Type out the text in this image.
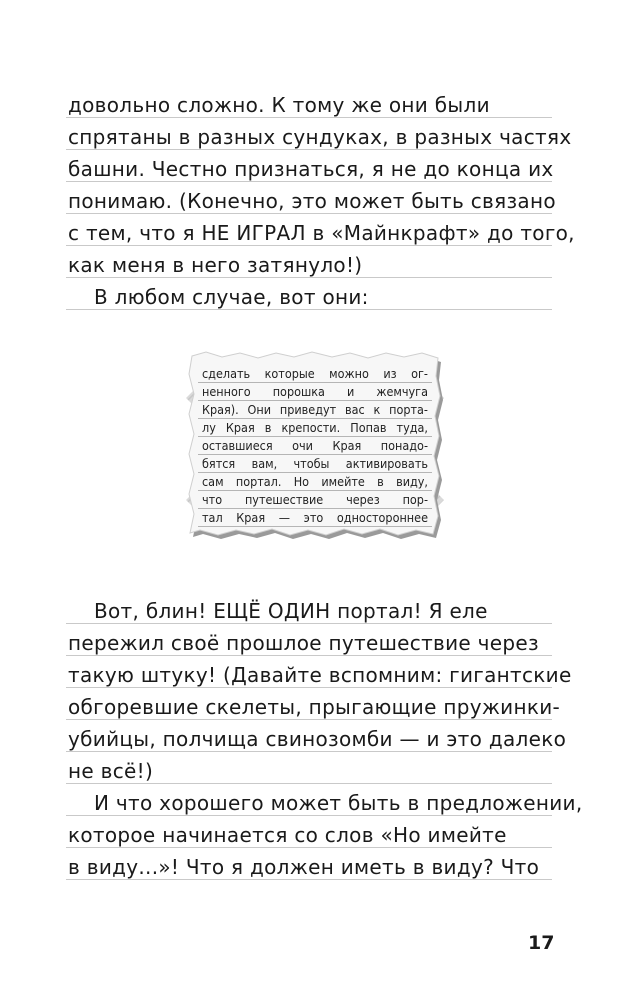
довольно сложно. К тому же они были
спрятаны в разных сундуках, в разных частях
башни. Честно признаться, я не до конца их
понимаю. (Конечно, это может быть связано
с тем, что я НЕ ИГРАЛ в «Майнкрафт» до того,
как меня в него затянуло!)
В любом случае, вот они:
сделать которые можно из ог-
ненного порошка и жемчуга
Края). Они приведут вас к порта-
лу Края в крепости. Попав туда,
оставшиеся очи Края понадо-
бятся вам, чтобы активировать
сам портал. Но имейте в виду,
что путешествие через пор-
тал Края — это одностороннее
Вот, блин! ЕЩЁ ОДИН портал! Я еле
пережил своё прошлое путешествие через
такую штуку! (Давайте вспомним: гигантские
обгоревшие скелеты, прыгающие пружинки-
убийцы, полчища свинозомби — и это далеко
не всё!)
И что хорошего может быть в предложении,
которое начинается со слов «Но имейте
в виду...»! Что я должен иметь в виду? Что
17
